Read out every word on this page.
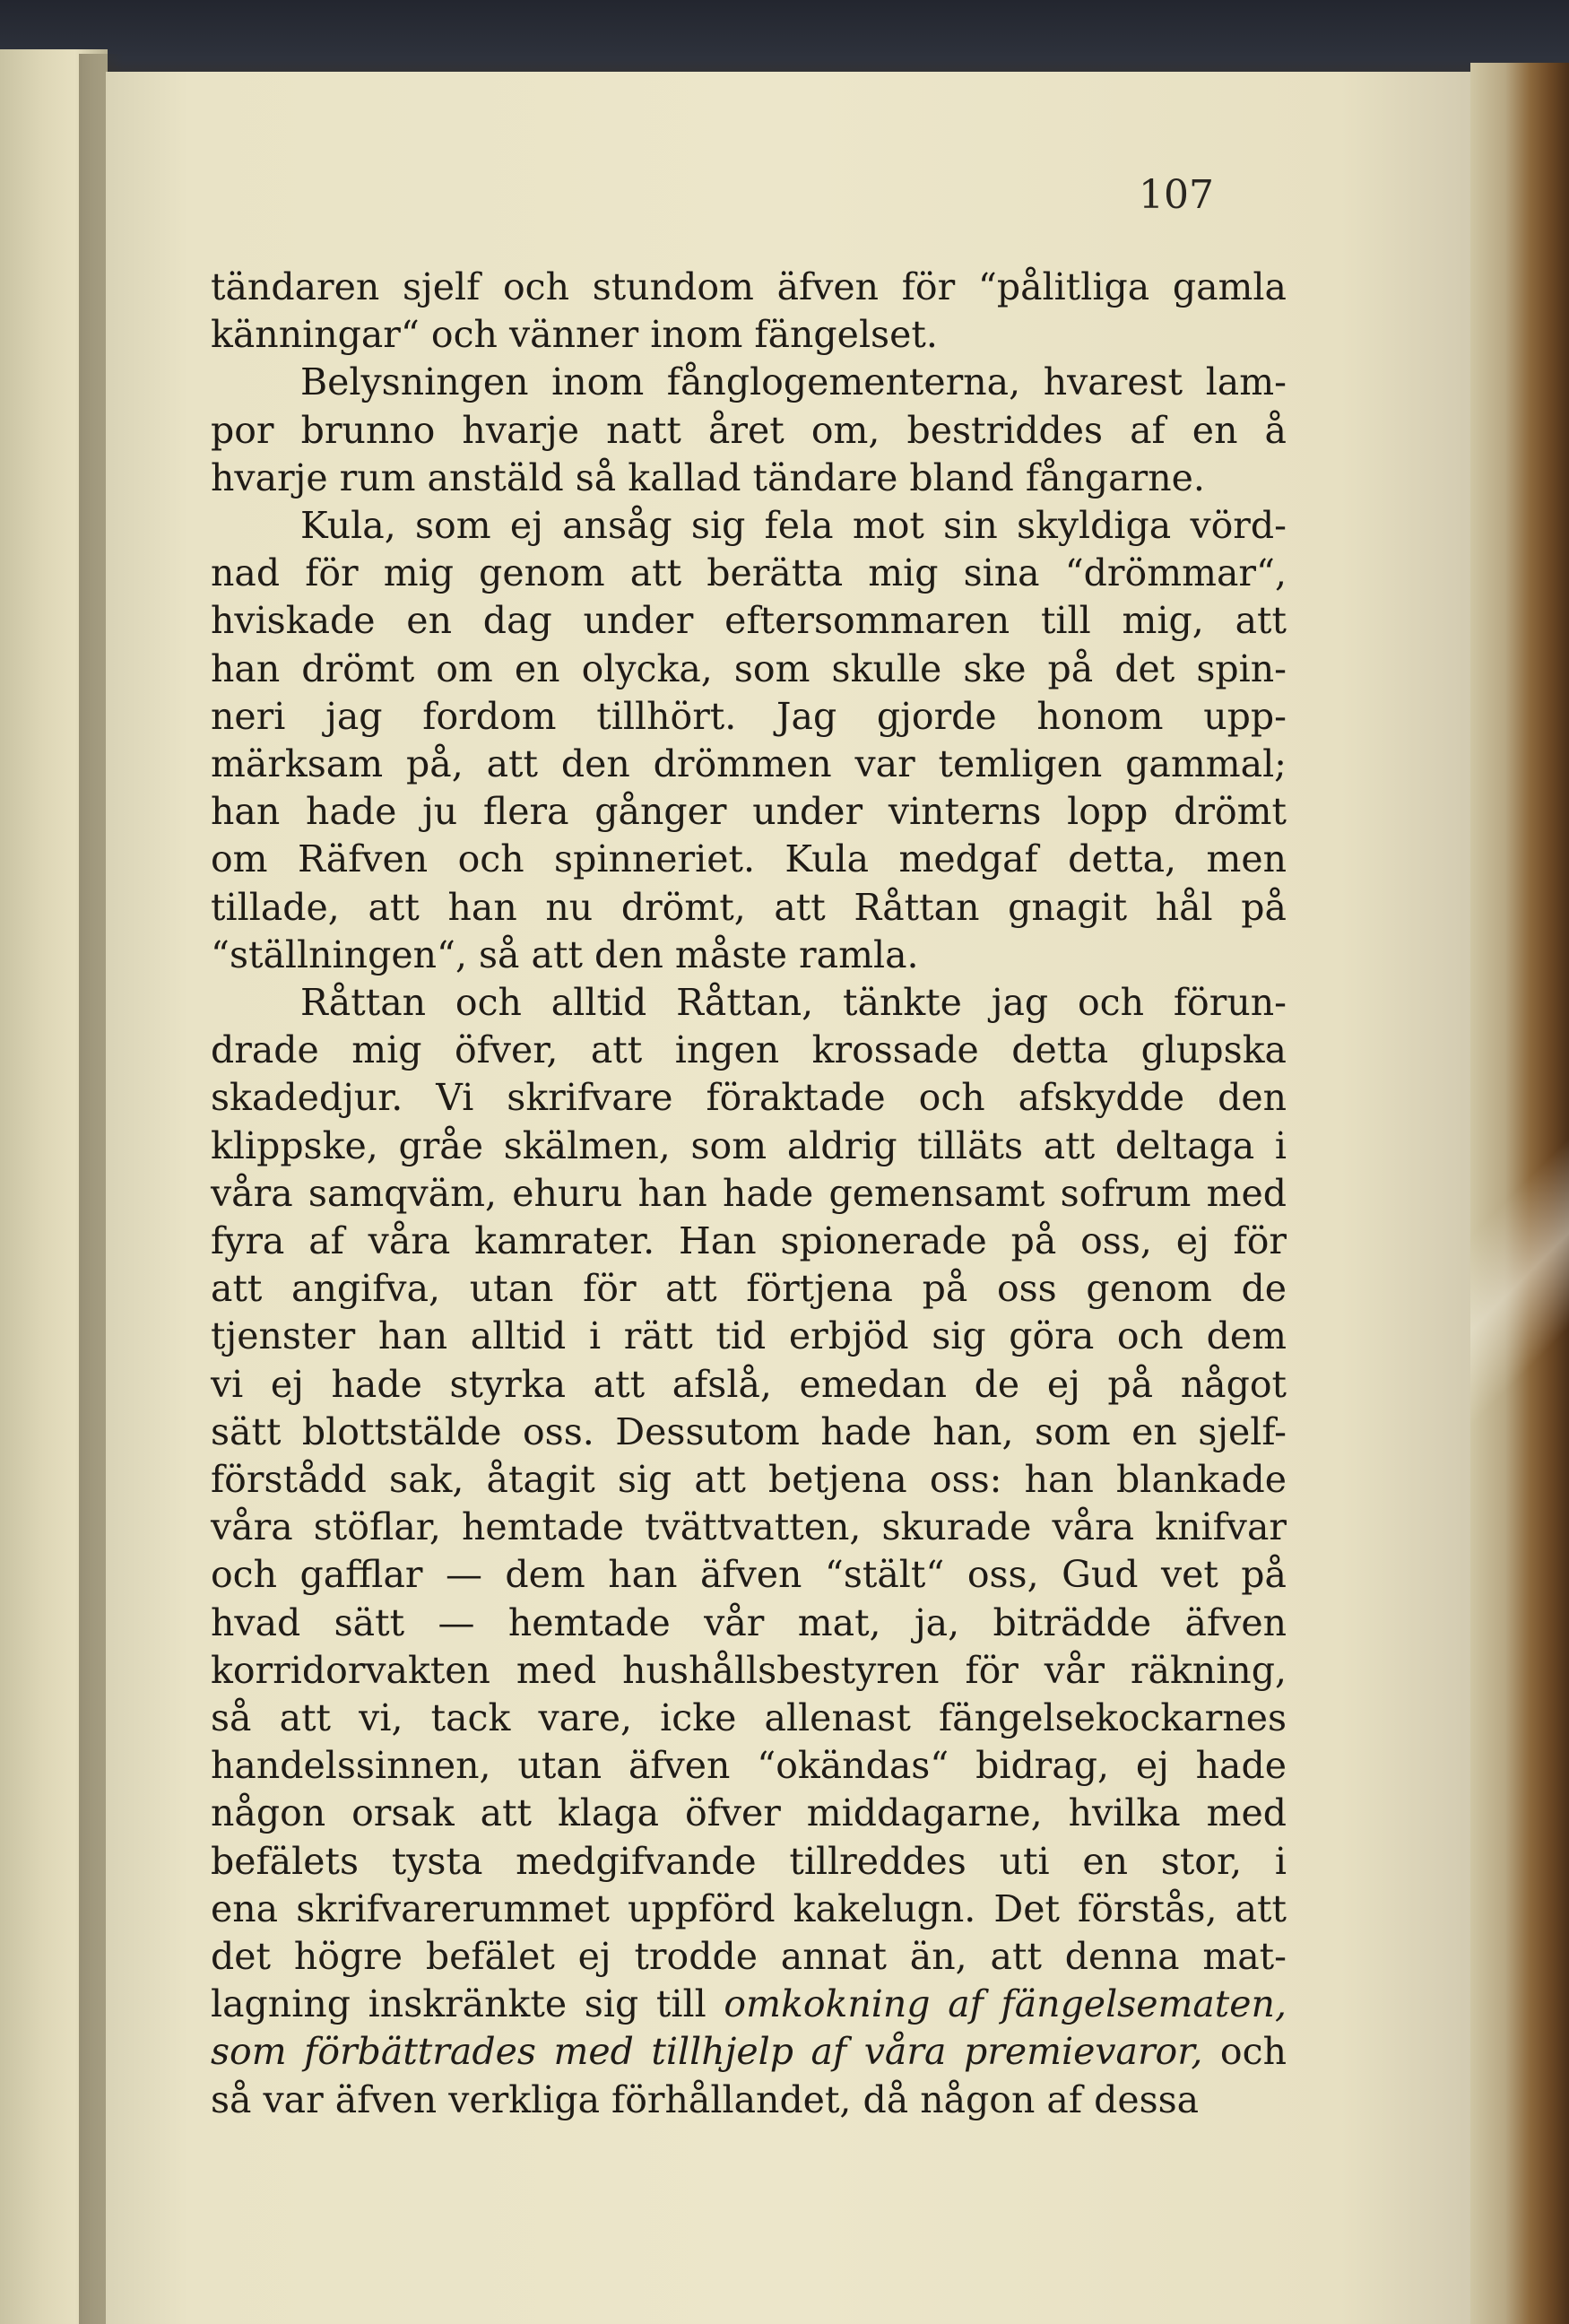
107
tändaren sjelf och stundom äfven för “pålitliga gamla
känningar“ och vänner inom fängelset.
Belysningen inom fånglogementerna, hvarest lam-
por brunno hvarje natt året om, bestriddes af en å
hvarje rum anstäld så kallad tändare bland fångarne.
Kula, som ej ansåg sig fela mot sin skyldiga vörd-
nad för mig genom att berätta mig sina “drömmar“,
hviskade en dag under eftersommaren till mig, att
han drömt om en olycka, som skulle ske på det spin-
neri jag fordom tillhört. Jag gjorde honom upp-
märksam på, att den drömmen var temligen gammal;
han hade ju flera gånger under vinterns lopp drömt
om Räfven och spinneriet. Kula medgaf detta, men
tillade, att han nu drömt, att Råttan gnagit hål på
“ställningen“, så att den måste ramla.
Råttan och alltid Råttan, tänkte jag och förun-
drade mig öfver, att ingen krossade detta glupska
skadedjur. Vi skrifvare föraktade och afskydde den
klippske, gråe skälmen, som aldrig tilläts att deltaga i
våra samqväm, ehuru han hade gemensamt sofrum med
fyra af våra kamrater. Han spionerade på oss, ej för
att angifva, utan för att förtjena på oss genom de
tjenster han alltid i rätt tid erbjöd sig göra och dem
vi ej hade styrka att afslå, emedan de ej på något
sätt blottstälde oss. Dessutom hade han, som en sjelf-
förstådd sak, åtagit sig att betjena oss: han blankade
våra stöflar, hemtade tvättvatten, skurade våra knifvar
och gafflar — dem han äfven “stält“ oss, Gud vet på
hvad sätt — hemtade vår mat, ja, biträdde äfven
korridorvakten med hushållsbestyren för vår räkning,
så att vi, tack vare, icke allenast fängelsekockarnes
handelssinnen, utan äfven “okändas“ bidrag, ej hade
någon orsak att klaga öfver middagarne, hvilka med
befälets tysta medgifvande tillreddes uti en stor, i
ena skrifvarerummet uppförd kakelugn. Det förstås, att
det högre befälet ej trodde annat än, att denna mat-
lagning inskränkte sig till omkokning af fängelsematen,
som förbättrades med tillhjelp af våra premievaror, och
så var äfven verkliga förhållandet, då någon af dessa
